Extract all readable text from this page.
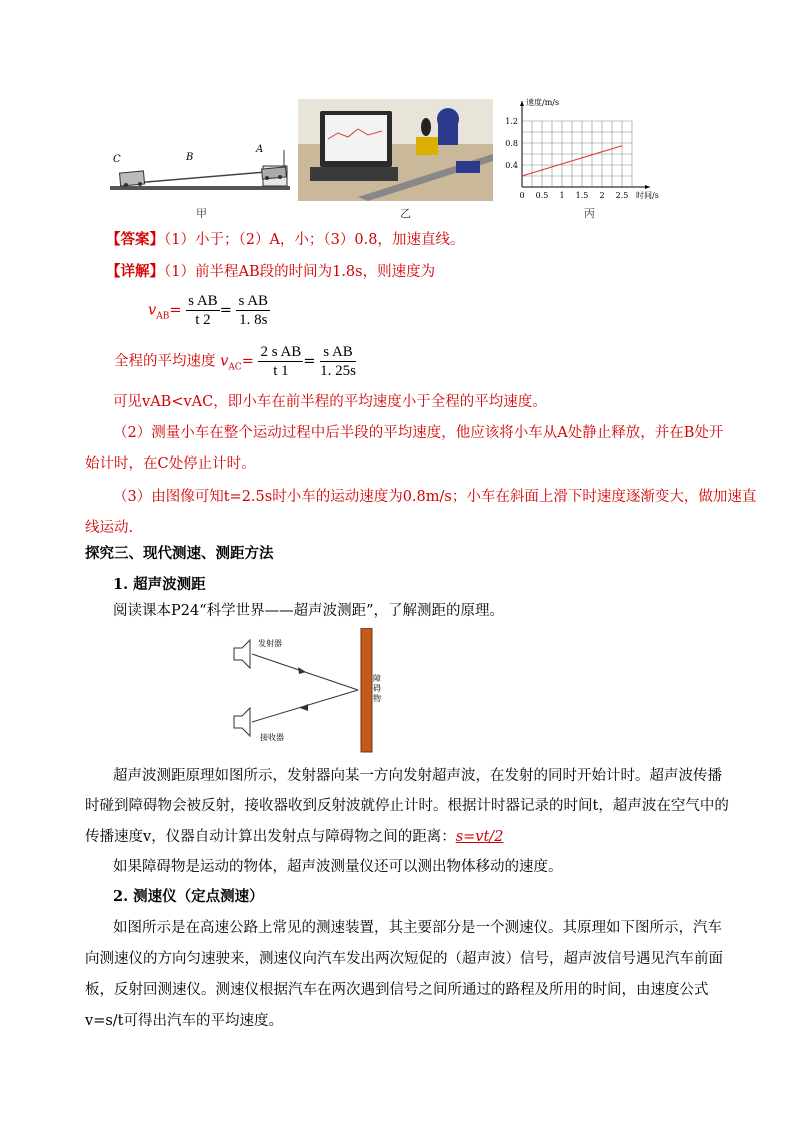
C	B
A
甲	乙
1.2
0.8
0.4
0 0.5 1 1.5 2 2.5
速度/m/s
时间/s
丙
【答案】（1）小于；（2）A，小；（3）0.8，加速直线。
【详解】（1）前半程AB段的时间为1.8s，则速度为
$v_{AB}= \frac{\text{s AB}}{t 2} = \frac{\text{s AB}}{1. 8s}$
全程的平均速度 $v_{AC}= \frac{\text{2 s AB}}{t 1} = \frac{\text{s AB}}{1. 25s}$
可见vAB<vAC，即小车在前半程的平均速度小于全程的平均速度。
（2）测量小车在整个运动过程中后半段的平均速度，他应该将小车从A处静止释放，并在B处开
始计时，在C处停止计时。
（3）由图像可知t=2.5s时小车的运动速度为0.8m/s；小车在斜面上滑下时速度逐渐变大，做加速直
线运动.
探究三、现代测速、测距方法
1. 超声波测距
阅读课本P24“科学世界——超声波测距”，了解测距的原理。
发射器
接收器
障碍物
超声波测距原理如图所示，发射器向某一方向发射超声波，在发射的同时开始计时。超声波传播
时碰到障碍物会被反射，接收器收到反射波就停止计时。根据计时器记录的时间t，超声波在空气中的
传播速度v，仪器自动计算出发射点与障碍物之间的距离：s=vt/2
如果障碍物是运动的物体，超声波测量仪还可以测出物体移动的速度。
2. 测速仪（定点测速）
如图所示是在高速公路上常见的测速装置，其主要部分是一个测速仪。其原理如下图所示，汽车
向测速仪的方向匀速驶来，测速仪向汽车发出两次短促的（超声波）信号，超声波信号遇见汽车前面
板，反射回测速仪。测速仪根据汽车在两次遇到信号之间所通过的路程及所用的时间，由速度公式
v=s/t可得出汽车的平均速度。
